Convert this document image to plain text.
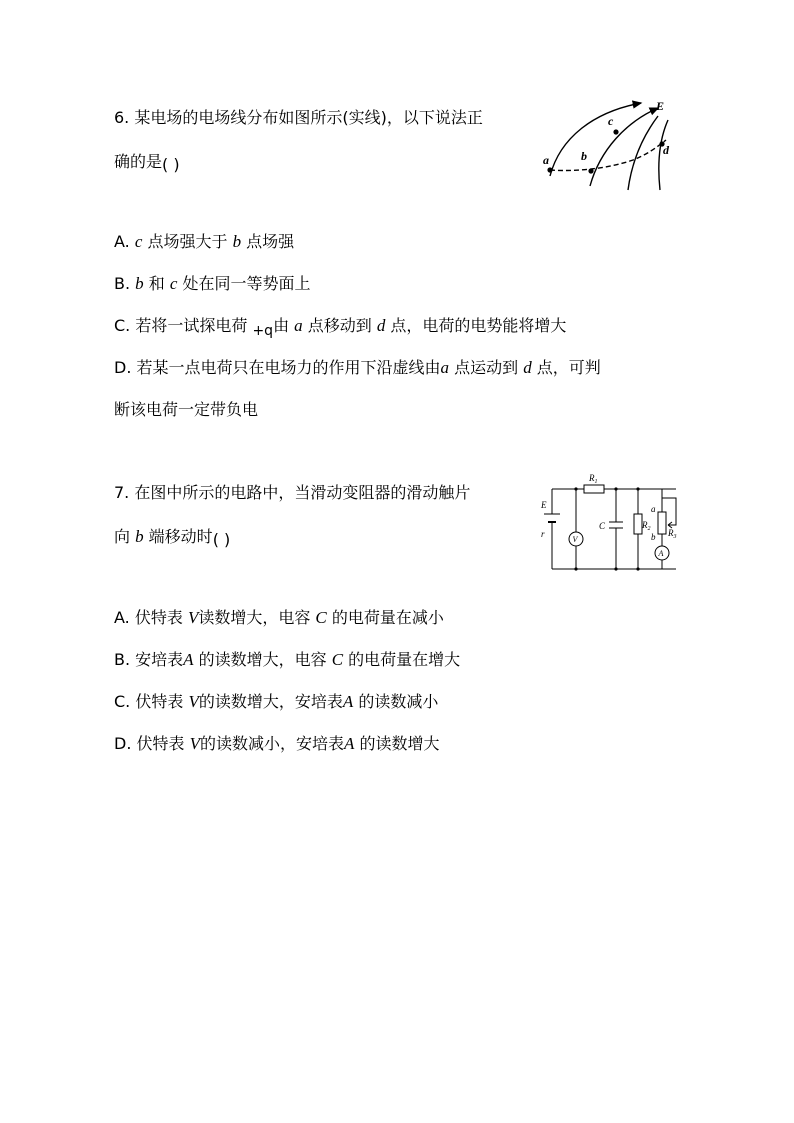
6. 某电场的电场线分布如图所示(实线)，以下说法正
确的是( )
E
a	b
c
d
A. c 点场强大于 b 点场强
B. b 和 c 处在同一等势面上
C. 若将一试探电荷 +q由 a 点移动到 d 点，电荷的电势能将增大
D. 若某一点电荷只在电场力的作用下沿虚线由a 点运动到 d 点，可判
断该电荷一定带负电
7. 在图中所示的电路中，当滑动变阻器的滑动触片
向 b 端移动时( )
$R_1$
E
r
V
C	$R_2$
a
b $R_3$
A
A. 伏特表 V读数增大，电容 C 的电荷量在减小
B. 安培表A 的读数增大，电容 C 的电荷量在增大
C. 伏特表 V的读数增大，安培表A 的读数减小
D. 伏特表 V的读数减小，安培表A 的读数增大
